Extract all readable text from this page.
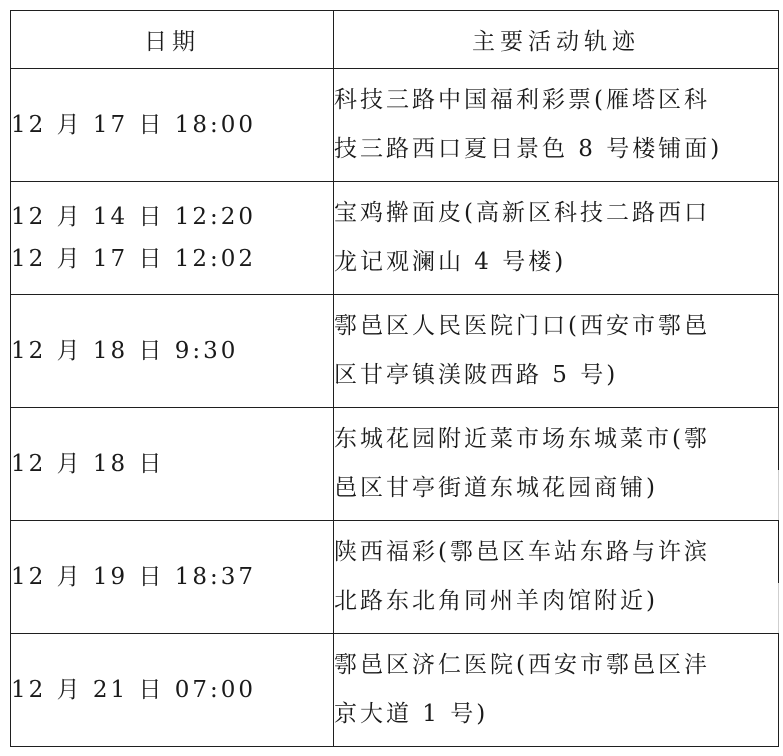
日期	主要活动轨迹

12 月 17 日 18:00	科技三路中国福利彩票(雁塔区科
技三路西口夏日景色 8 号楼铺面)

12 月 14 日 12:20
12 月 17 日 12:02	宝鸡擀面皮(高新区科技二路西口
龙记观澜山 4 号楼)

12 月 18 日 9:30	鄠邑区人民医院门口(西安市鄠邑
区甘亭镇渼陂西路 5 号)

12 月 18 日	东城花园附近菜市场东城菜市(鄠
邑区甘亭街道东城花园商铺)

12 月 19 日 18:37	陕西福彩(鄠邑区车站东路与许滨
北路东北角同州羊肉馆附近)

12 月 21 日 07:00	鄠邑区济仁医院(西安市鄠邑区沣
京大道 1 号)
